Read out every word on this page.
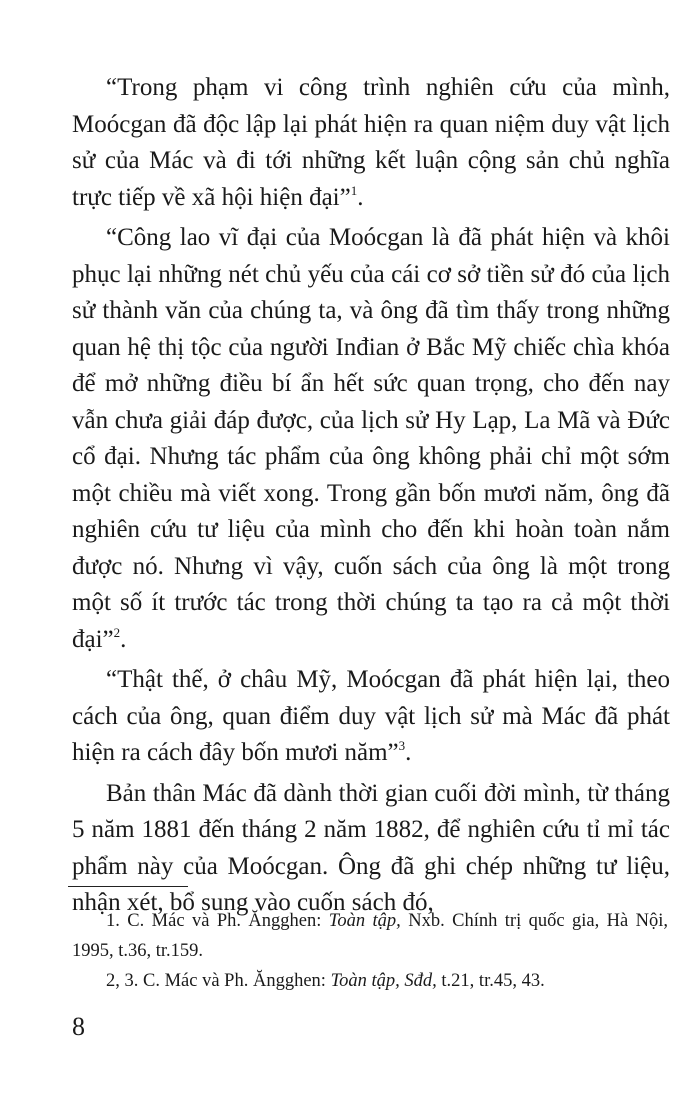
“Trong phạm vi công trình nghiên cứu của mình, Moócgan đã độc lập lại phát hiện ra quan niệm duy vật lịch sử của Mác và đi tới những kết luận cộng sản chủ nghĩa trực tiếp về xã hội hiện đại”$^1$.

“Công lao vĩ đại của Moócgan là đã phát hiện và khôi phục lại những nét chủ yếu của cái cơ sở tiền sử đó của lịch sử thành văn của chúng ta, và ông đã tìm thấy trong những quan hệ thị tộc của người Inđian ở Bắc Mỹ chiếc chìa khóa để mở những điều bí ẩn hết sức quan trọng, cho đến nay vẫn chưa giải đáp được, của lịch sử Hy Lạp, La Mã và Đức cổ đại. Nhưng tác phẩm của ông không phải chỉ một sớm một chiều mà viết xong. Trong gần bốn mươi năm, ông đã nghiên cứu tư liệu của mình cho đến khi hoàn toàn nắm được nó. Nhưng vì vậy, cuốn sách của ông là một trong một số ít trước tác trong thời chúng ta tạo ra cả một thời đại”$^2$.

“Thật thế, ở châu Mỹ, Moócgan đã phát hiện lại, theo cách của ông, quan điểm duy vật lịch sử mà Mác đã phát hiện ra cách đây bốn mươi năm”$^3$.

Bản thân Mác đã dành thời gian cuối đời mình, từ tháng 5 năm 1881 đến tháng 2 năm 1882, để nghiên cứu tỉ mỉ tác phẩm này của Moócgan. Ông đã ghi chép những tư liệu, nhận xét, bổ sung vào cuốn sách đó,

1. C. Mác và Ph. Ăngghen: Toàn tập, Nxb. Chính trị quốc gia, Hà Nội, 1995, t.36, tr.159.

2, 3. C. Mác và Ph. Ăngghen: Toàn tập, Sđd, t.21, tr.45, 43.

8
